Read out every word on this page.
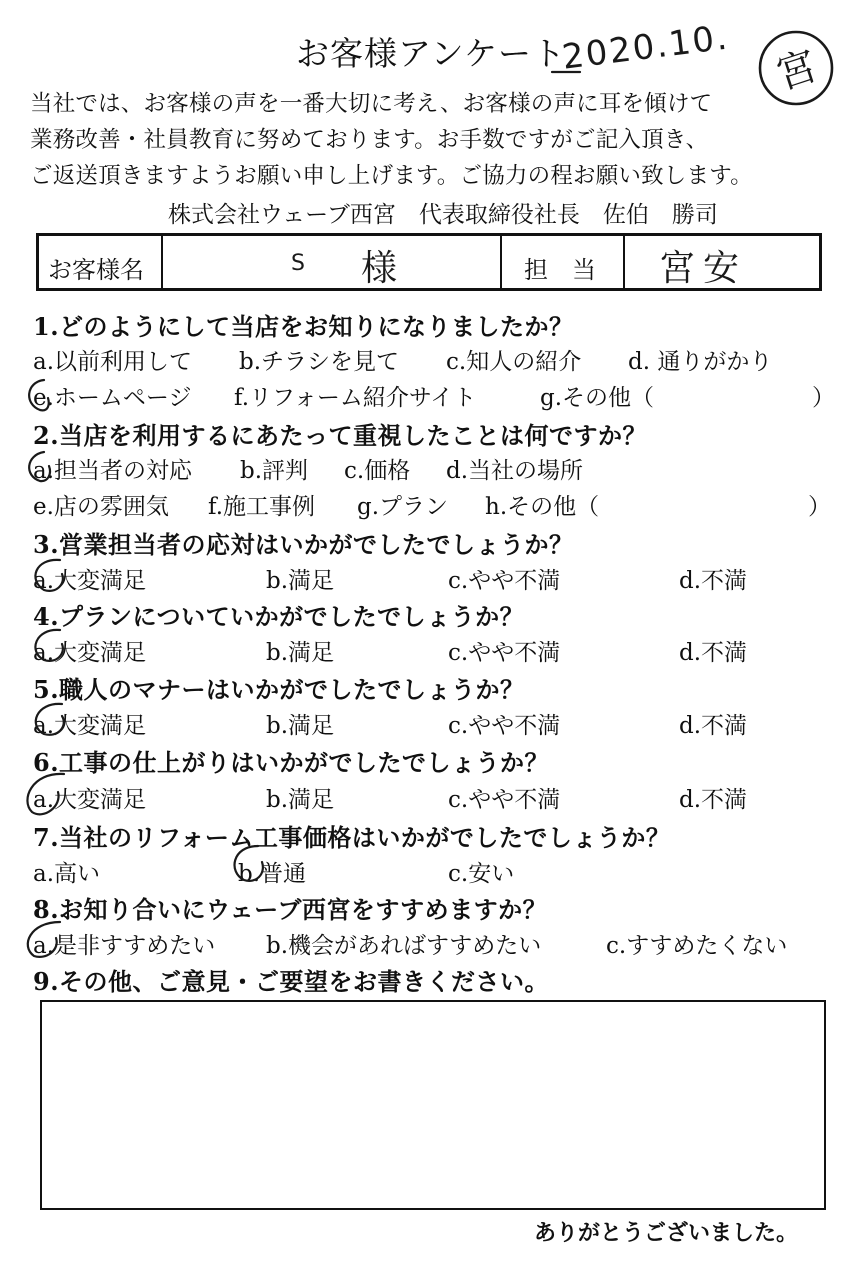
お客様アンケート
当社では、お客様の声を一番大切に考え、お客様の声に耳を傾けて
業務改善・社員教育に努めております。お手数ですがご記入頂き、
ご返送頂きますようお願い申し上げます。ご協力の程お願い致します。
株式会社ウェーブ西宮　代表取締役社長　佐伯　勝司
お客様名	S 様	担　当 宮安
1.どのようにして当店をお知りになりましたか？
a.以前利用して b.チラシを見て c.知人の紹介 d. 通りがかり
e.ホームページ f.リフォーム紹介サイト	g.その他（	）
2.当店を利用するにあたって重視したことは何ですか？
a.担当者の対応 b.評判 c.価格 d.当社の場所
e.店の雰囲気 f.施工事例 g.プラン h.その他（	）
3.営業担当者の応対はいかがでしたでしょうか？
a.大変満足	b.満足	c.やや不満	d.不満
4.プランについていかがでしたでしょうか？
a.大変満足	b.満足	c.やや不満	d.不満
5.職人のマナーはいかがでしたでしょうか？
a.大変満足	b.満足	c.やや不満	d.不満
6.工事の仕上がりはいかがでしたでしょうか？
a.大変満足	b.満足	c.やや不満	d.不満
7.当社のリフォーム工事価格はいかがでしたでしょうか？
a.高い	b.普通	c.安い
8.お知り合いにウェーブ西宮をすすめますか？
a.是非すすめたい b.機会があればすすめたい	c.すすめたくない
9.その他、ご意見・ご要望をお書きください。
ありがとうございました。
2020.10. 宮
